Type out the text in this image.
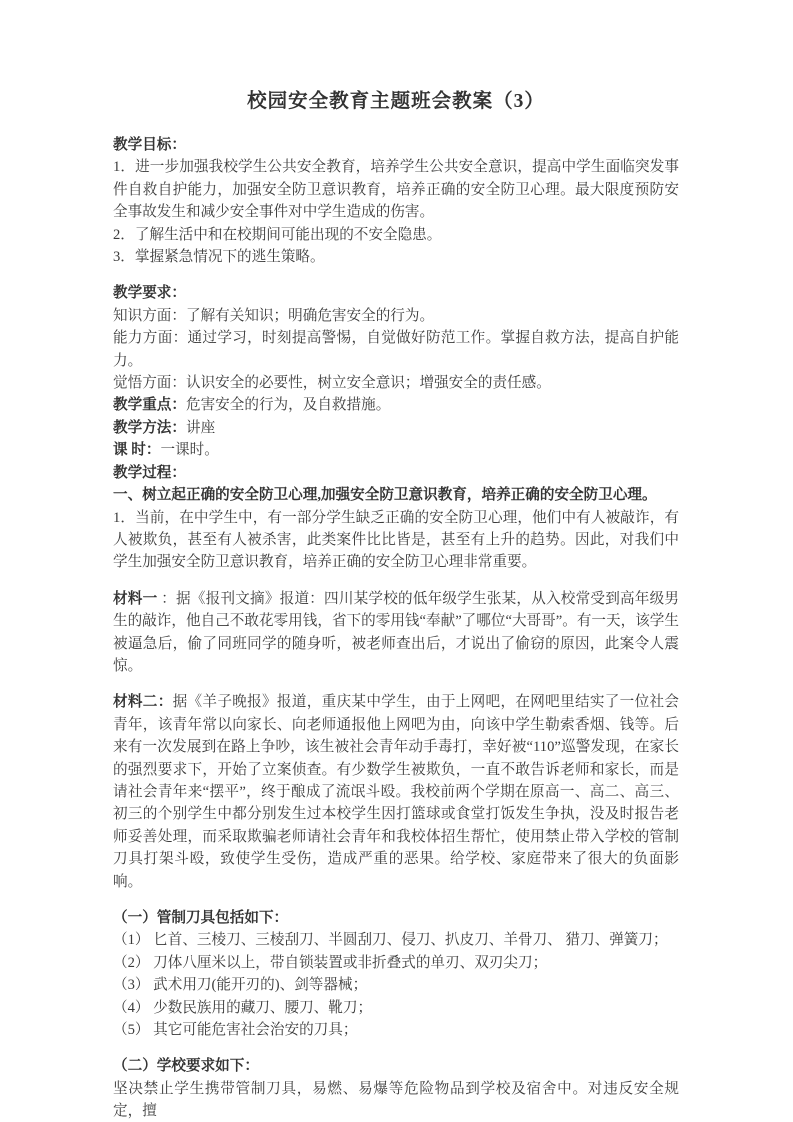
校园安全教育主题班会教案（3）

教学目标：

1．进一步加强我校学生公共安全教育，培养学生公共安全意识，提高中学生面临突发事件自救自护能力，加强安全防卫意识教育，培养正确的安全防卫心理。最大限度预防安全事故发生和减少安全事件对中学生造成的伤害。

2．了解生活中和在校期间可能出现的不安全隐患。

3．掌握紧急情况下的逃生策略。

教学要求：

知识方面：了解有关知识；明确危害安全的行为。

能力方面：通过学习，时刻提高警惕，自觉做好防范工作。掌握自救方法，提高自护能力。

觉悟方面：认识安全的必要性，树立安全意识；增强安全的责任感。

教学重点：危害安全的行为，及自救措施。

教学方法：讲座

课 时：一课时。

教学过程：

一、树立起正确的安全防卫心理,加强安全防卫意识教育，培养正确的安全防卫心理。

1．当前，在中学生中，有一部分学生缺乏正确的安全防卫心理，他们中有人被敲诈，有人被欺负，甚至有人被杀害，此类案件比比皆是，甚至有上升的趋势。因此，对我们中学生加强安全防卫意识教育，培养正确的安全防卫心理非常重要。

材料一 ：据《报刊文摘》报道：四川某学校的低年级学生张某，从入校常受到高年级男生的敲诈，他自己不敢花零用钱，省下的零用钱“奉献”了哪位“大哥哥”。有一天，该学生被逼急后，偷了同班同学的随身听，被老师查出后，才说出了偷窃的原因，此案令人震惊。

材料二：据《羊子晚报》报道，重庆某中学生，由于上网吧，在网吧里结实了一位社会青年，该青年常以向家长、向老师通报他上网吧为由，向该中学生勒索香烟、钱等。后来有一次发展到在路上争吵，该生被社会青年动手毒打，幸好被“110”巡警发现，在家长的强烈要求下，开始了立案侦查。有少数学生被欺负，一直不敢告诉老师和家长，而是请社会青年来“摆平”，终于酿成了流氓斗殴。我校前两个学期在原高一、高二、高三、初三的个别学生中都分别发生过本校学生因打篮球或食堂打饭发生争执，没及时报告老师妥善处理，而采取欺骗老师请社会青年和我校体招生帮忙，使用禁止带入学校的管制刀具打架斗殴，致使学生受伤，造成严重的恶果。给学校、家庭带来了很大的负面影响。

（一）管制刀具包括如下：

（1） 匕首、三棱刀、三棱刮刀、半圆刮刀、侵刀、扒皮刀、羊骨刀、 猎刀、弹簧刀；

（2） 刀体八厘米以上，带自锁装置或非折叠式的单刃、双刃尖刀；

（3） 武术用刀(能开刃的)、剑等器械；

（4） 少数民族用的藏刀、腰刀、靴刀；

（5） 其它可能危害社会治安的刀具；

（二）学校要求如下：

坚决禁止学生携带管制刀具，易燃、易爆等危险物品到学校及宿舍中。对违反安全规定，擅
